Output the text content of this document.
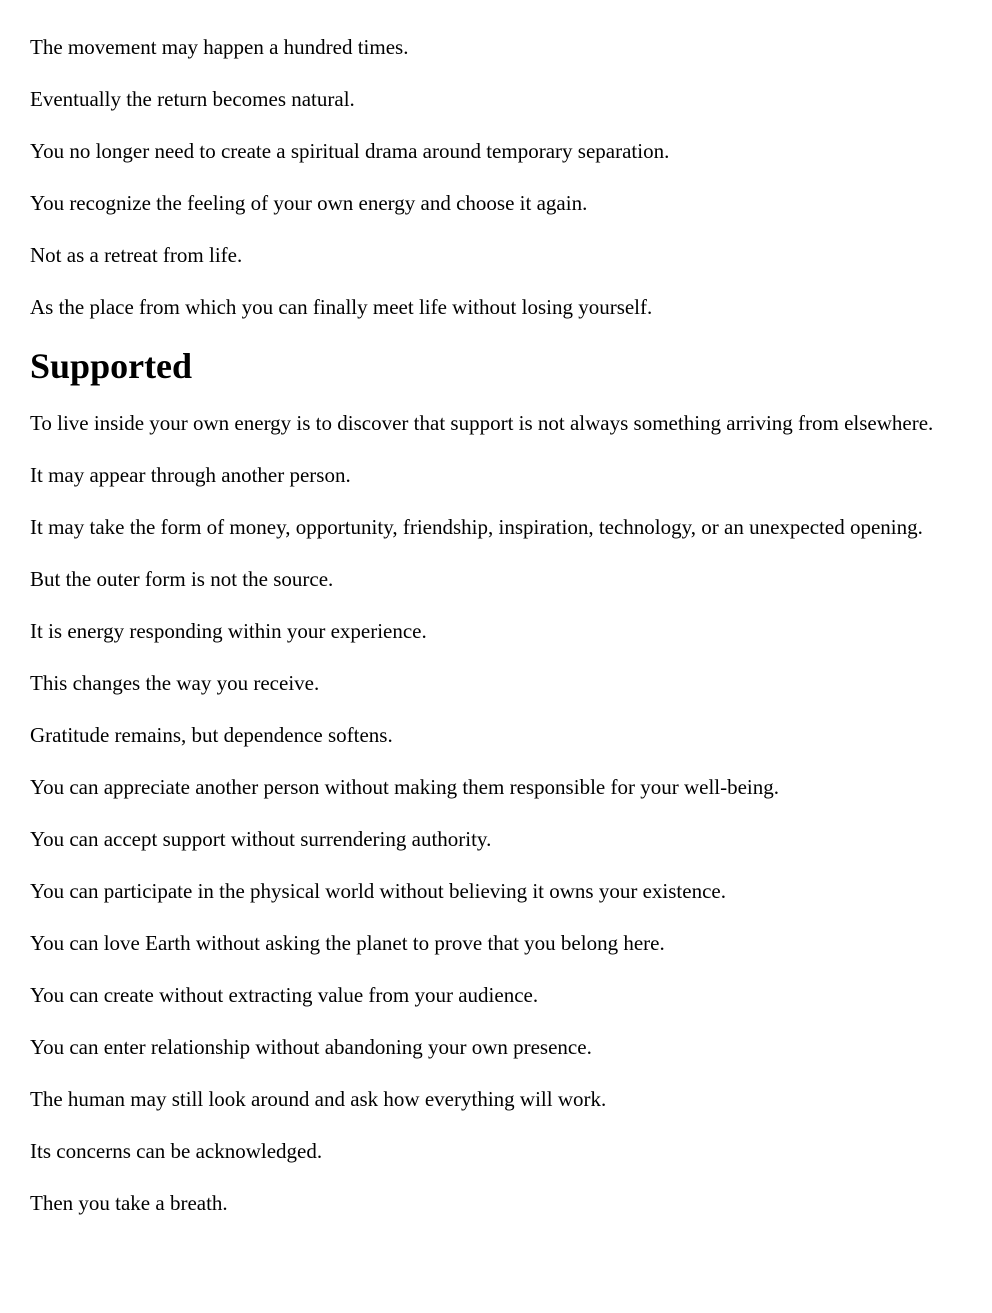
The movement may happen a hundred times.

Eventually the return becomes natural.

You no longer need to create a spiritual drama around temporary separation.

You recognize the feeling of your own energy and choose it again.

Not as a retreat from life.

As the place from which you can finally meet life without losing yourself.

Supported

To live inside your own energy is to discover that support is not always something arriving from elsewhere.

It may appear through another person.

It may take the form of money, opportunity, friendship, inspiration, technology, or an unexpected opening.

But the outer form is not the source.

It is energy responding within your experience.

This changes the way you receive.

Gratitude remains, but dependence softens.

You can appreciate another person without making them responsible for your well-being.

You can accept support without surrendering authority.

You can participate in the physical world without believing it owns your existence.

You can love Earth without asking the planet to prove that you belong here.

You can create without extracting value from your audience.

You can enter relationship without abandoning your own presence.

The human may still look around and ask how everything will work.

Its concerns can be acknowledged.

Then you take a breath.
